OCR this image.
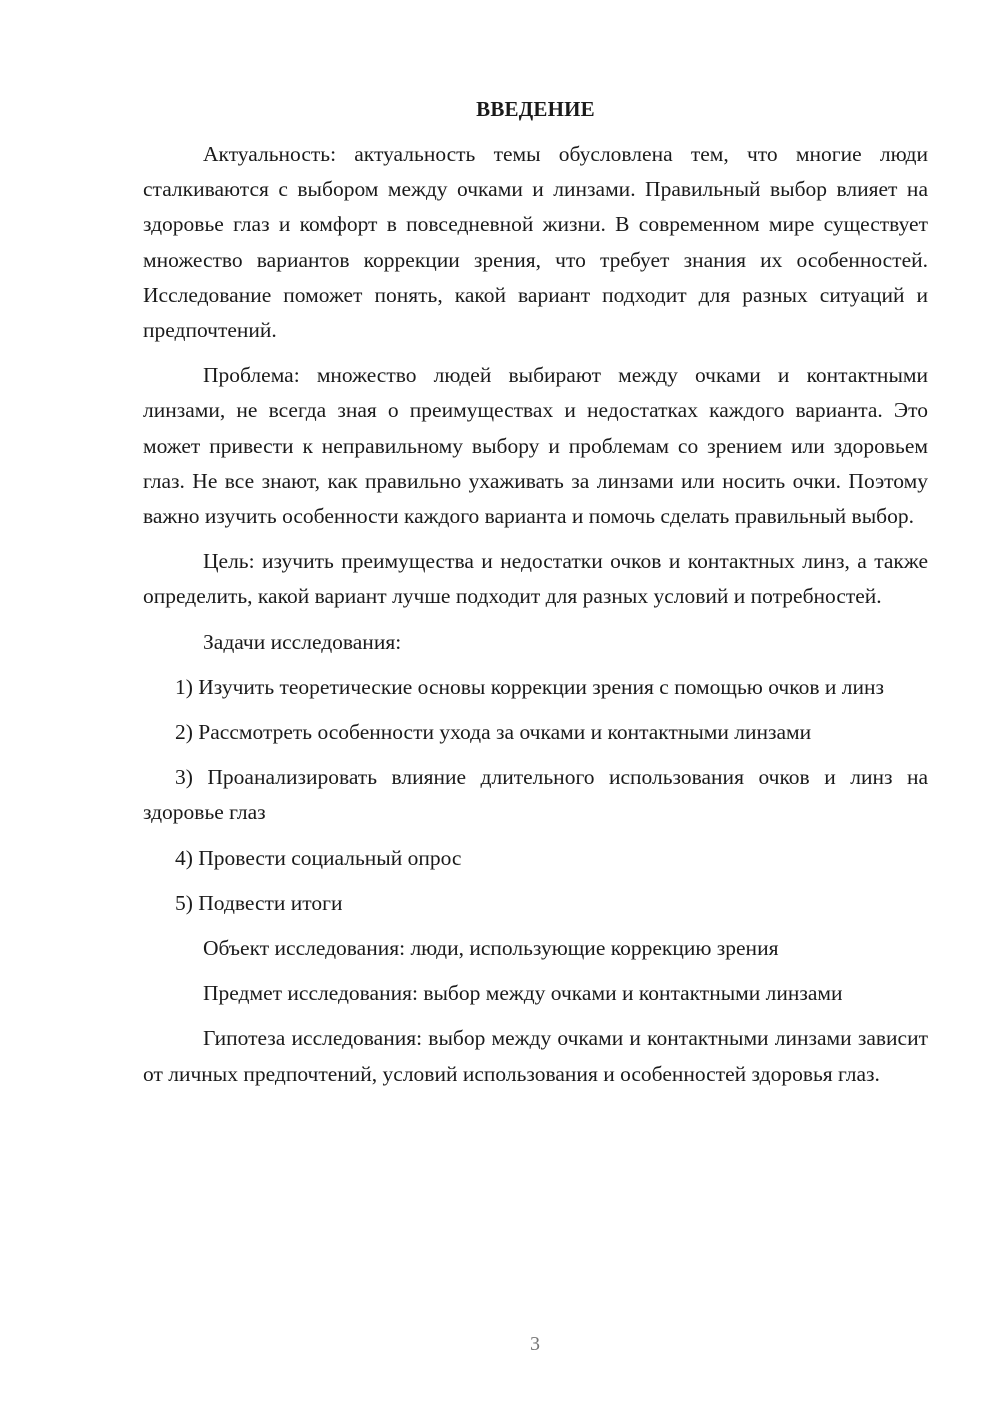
ВВЕДЕНИЕ

Актуальность: актуальность темы обусловлена тем, что многие люди сталкиваются с выбором между очками и линзами. Правильный выбор влияет на здоровье глаз и комфорт в повседневной жизни. В современном мире существует множество вариантов коррекции зрения, что требует знания их особенностей. Исследование поможет понять, какой вариант подходит для разных ситуаций и предпочтений.

Проблема: множество людей выбирают между очками и контактными линзами, не всегда зная о преимуществах и недостатках каждого варианта. Это может привести к неправильному выбору и проблемам со зрением или здоровьем глаз. Не все знают, как правильно ухаживать за линзами или носить очки. Поэтому важно изучить особенности каждого варианта и помочь сделать правильный выбор.

Цель: изучить преимущества и недостатки очков и контактных линз, а также определить, какой вариант лучше подходит для разных условий и потребностей.

Задачи исследования:

1) Изучить теоретические основы коррекции зрения с помощью очков и линз

2) Рассмотреть особенности ухода за очками и контактными линзами

3) Проанализировать влияние длительного использования очков и линз на здоровье глаз

4) Провести социальный опрос

5) Подвести итоги

Объект исследования: люди, использующие коррекцию зрения

Предмет исследования: выбор между очками и контактными линзами

Гипотеза исследования: выбор между очками и контактными линзами зависит от личных предпочтений, условий использования и особенностей здоровья глаз.

3
